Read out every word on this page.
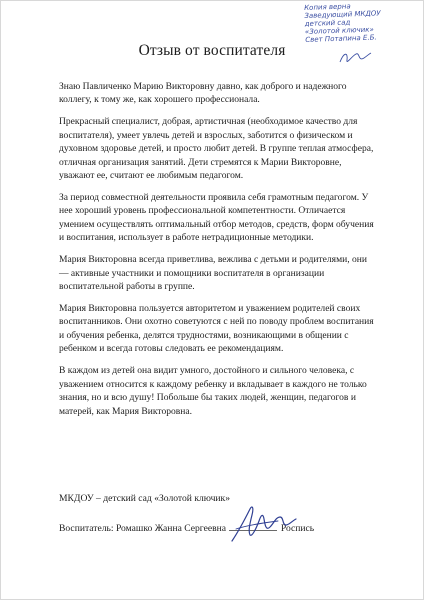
Копия верна
Заведующий МКДОУ
детский сад
«Золотой ключик»
Свет Потапина Е.Б.
Отзыв от воспитателя

Знаю Павличенко Марию Викторовну давно, как доброго и надежного коллегу, к тому же, как хорошего профессионала.

Прекрасный специалист, добрая, артистичная (необходимое качество для воспитателя), умеет увлечь детей и взрослых, заботится о физическом и духовном здоровье детей, и просто любит детей. В группе теплая атмосфера, отличная организация занятий. Дети стремятся к Марии Викторовне, уважают ее, считают ее любимым педагогом.

За период совместной деятельности проявила себя грамотным педагогом. У нее хороший уровень профессиональной компетентности. Отличается умением осуществлять оптимальный отбор методов, средств, форм обучения и воспитания, использует в работе нетрадиционные методики.

Мария Викторовна всегда приветлива, вежлива с детьми и родителями, они — активные участники и помощники воспитателя в организации воспитательной работы в группе.

Мария Викторовна пользуется авторитетом и уважением родителей своих воспитанников. Они охотно советуются с ней по поводу проблем воспитания и обучения ребенка, делятся трудностями, возникающими в общении с ребенком и всегда готовы следовать ее рекомендациям.

В каждом из детей она видит умного, достойного и сильного человека, с уважением относится к каждому ребенку и вкладывает в каждого не только знания, но и всю душу! Побольше бы таких людей, женщин, педагогов и матерей, как Мария Викторовна.

МКДОУ – детский сад «Золотой ключик»
Воспитатель: Ромашко Жанна Сергеевна	Роспись
